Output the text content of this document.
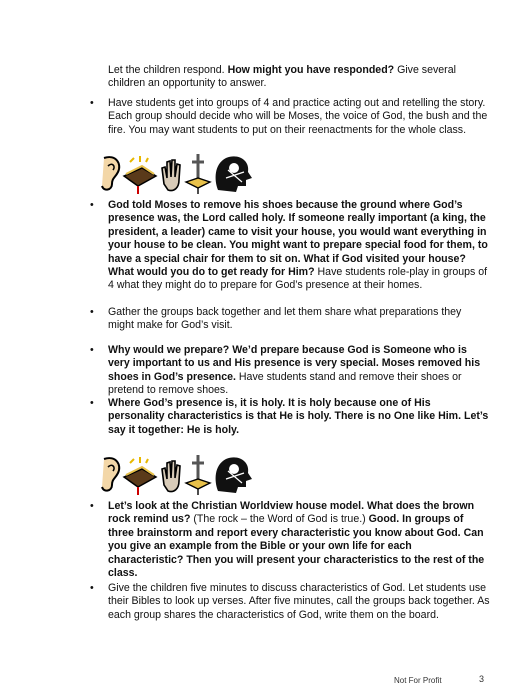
Let the children respond. How might you have responded? Give several children an opportunity to answer.

•	Have students get into groups of 4 and practice acting out and retelling the story. Each group should decide who will be Moses, the voice of God, the bush and the fire. You may want students to put on their reenactments for the whole class.
•	God told Moses to remove his shoes because the ground where God’s presence was, the Lord called holy. If someone really important (a king, the president, a leader) came to visit your house, you would want everything in your house to be clean. You might want to prepare special food for them, to have a special chair for them to sit on. What if God visited your house? What would you do to get ready for Him? Have students role-play in groups of 4 what they might do to prepare for God’s presence at their homes.
•	Gather the groups back together and let them share what preparations they might make for God’s visit.
•	Why would we prepare? We’d prepare because God is Someone who is very important to us and His presence is very special. Moses removed his shoes in God’s presence. Have students stand and remove their shoes or pretend to remove shoes.
•	Where God’s presence is, it is holy. It is holy because one of His personality characteristics is that He is holy. There is no One like Him. Let’s say it together: He is holy.
•	Let’s look at the Christian Worldview house model. What does the brown rock remind us? (The rock – the Word of God is true.) Good. In groups of three brainstorm and report every characteristic you know about God. Can you give an example from the Bible or your own life for each characteristic? Then you will present your characteristics to the rest of the class.
•	Give the children five minutes to discuss characteristics of God. Let students use their Bibles to look up verses. After five minutes, call the groups back together. As each group shares the characteristics of God, write them on the board.
Not For Profit	3
